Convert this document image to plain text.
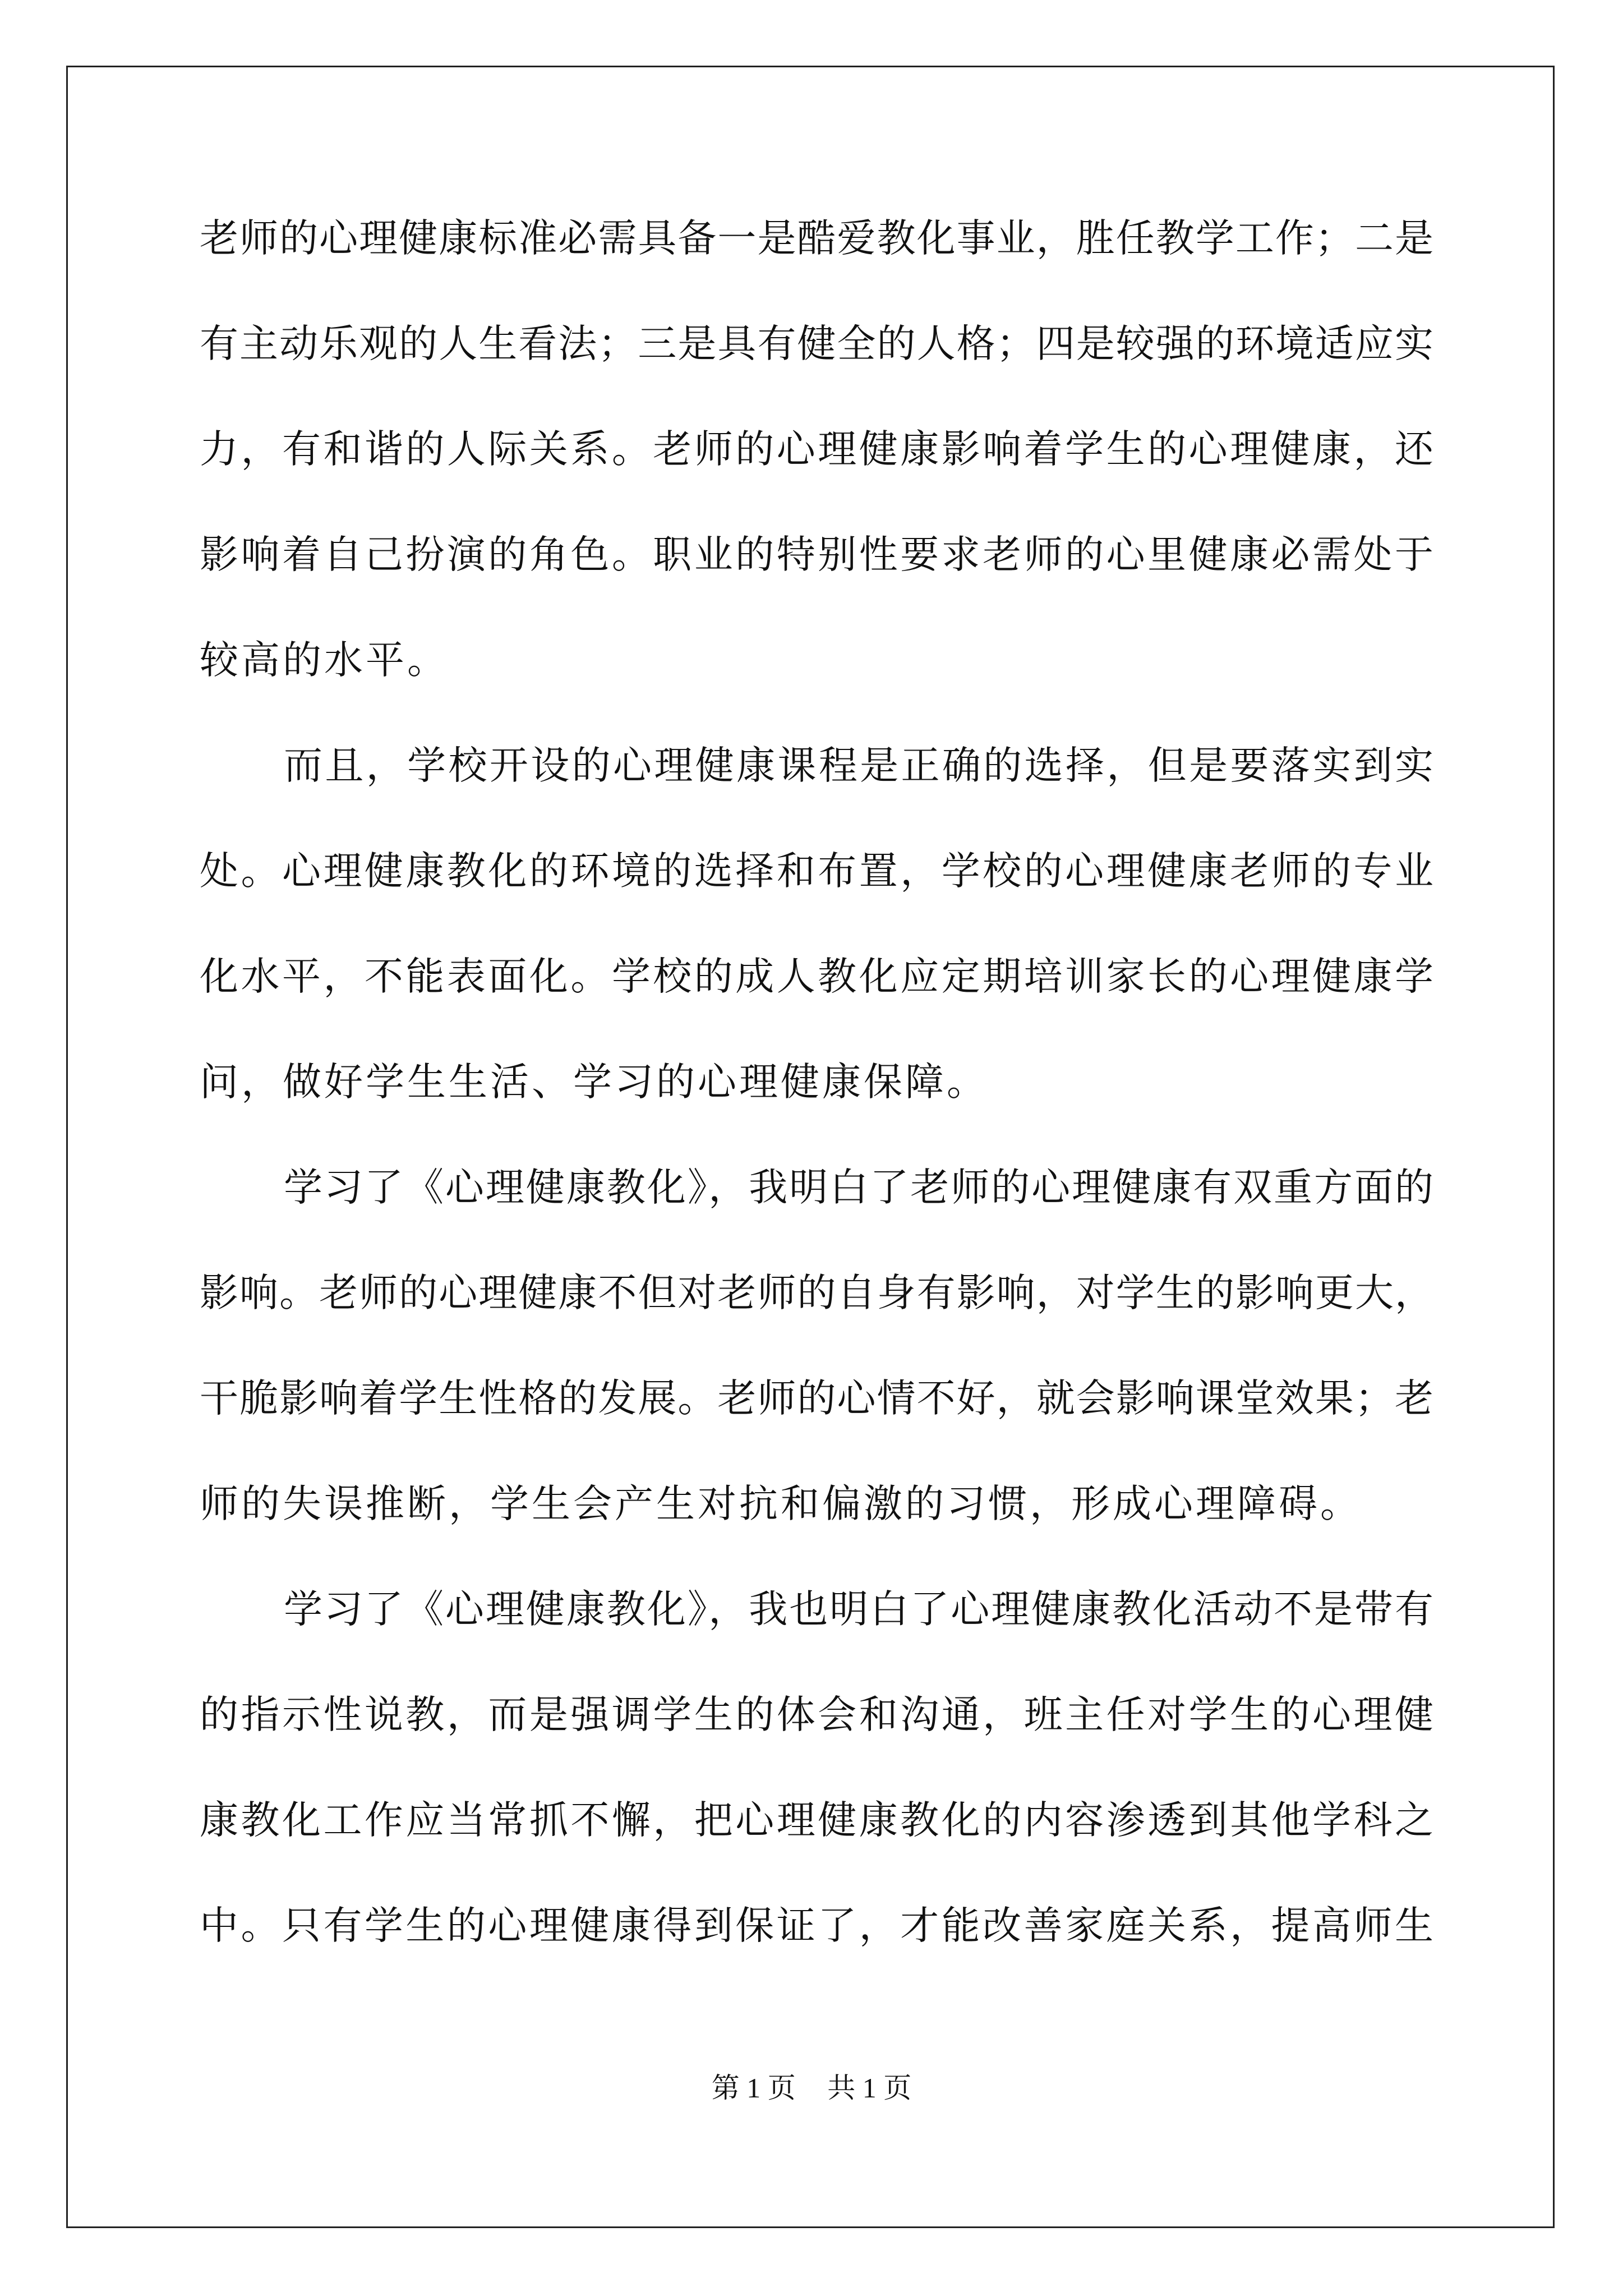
老师的心理健康标准必需具备一是酷爱教化事业，胜任教学工作；二是
有主动乐观的人生看法；三是具有健全的人格；四是较强的环境适应实
力，有和谐的人际关系。老师的心理健康影响着学生的心理健康，还
影响着自己扮演的角色。职业的特别性要求老师的心里健康必需处于
较高的水平。
而且，学校开设的心理健康课程是正确的选择，但是要落实到实
处。心理健康教化的环境的选择和布置，学校的心理健康老师的专业
化水平，不能表面化。学校的成人教化应定期培训家长的心理健康学
问，做好学生生活、学习的心理健康保障。
学习了《心理健康教化》，我明白了老师的心理健康有双重方面的
影响。老师的心理健康不但对老师的自身有影响，对学生的影响更大，
干脆影响着学生性格的发展。老师的心情不好，就会影响课堂效果；老
师的失误推断，学生会产生对抗和偏激的习惯，形成心理障碍。
学习了《心理健康教化》，我也明白了心理健康教化活动不是带有
的指示性说教，而是强调学生的体会和沟通，班主任对学生的心理健
康教化工作应当常抓不懈，把心理健康教化的内容渗透到其他学科之
中。只有学生的心理健康得到保证了，才能改善家庭关系，提高师生
第 1 页 共 1 页
